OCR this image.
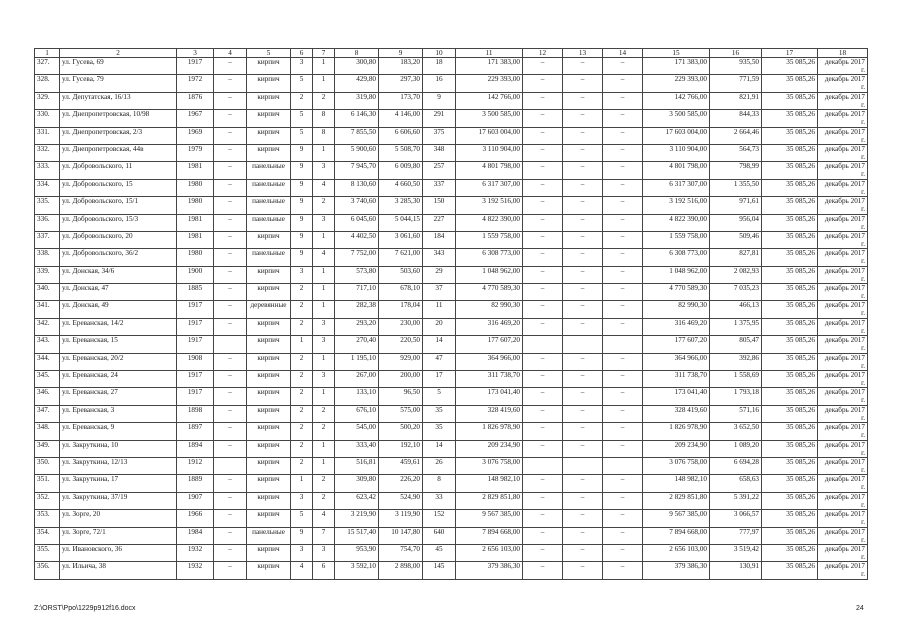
1	2	3	4	5	6	7	8	9	10	11	12	13	14	15	16	17	18
327.	ул. Гусева, 69	1917	–	кирпич	3	1	300,80	183,20	18	171 383,00	–	–	–	171 383,00	935,50	35 085,26	декабрь 2017 г.
328.	ул. Гусева, 79	1972	–	кирпич	5	1	429,80	297,30	16	229 393,00	–	–	–	229 393,00	771,59	35 085,26	декабрь 2017 г.
329.	ул. Депутатская, 16/13	1876	–	кирпич	2	2	319,80	173,70	9	142 766,00	–	–	–	142 766,00	821,91	35 085,26	декабрь 2017 г.
330.	ул. Днепропетровская, 10/98	1967	–	кирпич	5	8	6 146,30	4 146,00	291	3 500 585,00	–	–	–	3 500 585,00	844,33	35 085,26	декабрь 2017 г.
331.	ул. Днепропетровская, 2/3	1969	–	кирпич	5	8	7 855,50	6 606,60	375	17 603 004,00	–	–	–	17 603 004,00	2 664,46	35 085,26	декабрь 2017 г.
332.	ул. Днепропетровская, 44в	1979	–	кирпич	9	1	5 900,60	5 508,70	348	3 110 904,00	–	–	–	3 110 904,00	564,73	35 085,26	декабрь 2017 г.
333.	ул. Добровольского, 11	1981	–	панельные	9	3	7 945,70	6 009,80	257	4 801 798,00	–	–	–	4 801 798,00	798,99	35 085,26	декабрь 2017 г.
334.	ул. Добровольского, 15	1980	–	панельные	9	4	8 130,60	4 660,50	337	6 317 307,00	–	–	–	6 317 307,00	1 355,50	35 085,26	декабрь 2017 г.
335.	ул. Добровольского, 15/1	1980	–	панельные	9	2	3 740,60	3 285,30	150	3 192 516,00	–	–	–	3 192 516,00	971,61	35 085,26	декабрь 2017 г.
336.	ул. Добровольского, 15/3	1981	–	панельные	9	3	6 045,60	5 044,15	227	4 822 390,00	–	–	–	4 822 390,00	956,04	35 085,26	декабрь 2017 г.
337.	ул. Добровольского, 20	1981	–	кирпич	9	1	4 402,50	3 061,60	184	1 559 758,00	–	–	–	1 559 758,00	509,46	35 085,26	декабрь 2017 г.
338.	ул. Добровольского, 36/2	1980	–	панельные	9	4	7 752,00	7 621,00	343	6 308 773,00	–	–	–	6 308 773,00	827,81	35 085,26	декабрь 2017 г.
339.	ул. Донская, 34/6	1900	–	кирпич	3	1	573,80	503,60	29	1 048 962,00	–	–	–	1 048 962,00	2 082,93	35 085,26	декабрь 2017 г.
340.	ул. Донская, 47	1885	–	кирпич	2	1	717,10	678,10	37	4 770 589,30	–	–	–	4 770 589,30	7 035,23	35 085,26	декабрь 2017 г.
341.	ул. Донская, 49	1917	–	деревянные	2	1	282,38	178,04	11	82 990,30	–	–	–	82 990,30	466,13	35 085,26	декабрь 2017 г.
342.	ул. Ереванская, 14/2	1917	–	кирпич	2	3	293,20	230,00	20	316 469,20	–	–	–	316 469,20	1 375,95	35 085,26	декабрь 2017 г.
343.	ул. Ереванская, 15	1917		кирпич	1	3	270,40	220,50	14	177 607,20				177 607,20	805,47	35 085,26	декабрь 2017 г.
344.	ул. Ереванская, 20/2	1908	–	кирпич	2	1	1 195,10	929,00	47	364 966,00	–	–	–	364 966,00	392,86	35 085,26	декабрь 2017 г.
345.	ул. Ереванская, 24	1917	–	кирпич	2	3	267,00	200,00	17	311 738,70	–	–	–	311 738,70	1 558,69	35 085,26	декабрь 2017 г.
346.	ул. Ереванская, 27	1917	–	кирпич	2	1	133,10	96,50	5	173 041,40	–	–	–	173 041,40	1 793,18	35 085,26	декабрь 2017 г.
347.	ул. Ереванская, 3	1898	–	кирпич	2	2	676,10	575,00	35	328 419,60	–	–	–	328 419,60	571,16	35 085,26	декабрь 2017 г.
348.	ул. Ереванская, 9	1897	–	кирпич	2	2	545,00	500,20	35	1 826 978,90	–	–	–	1 826 978,90	3 652,50	35 085,26	декабрь 2017 г.
349.	ул. Закруткина, 10	1894	–	кирпич	2	1	333,40	192,10	14	209 234,90	–	–	–	209 234,90	1 089,20	35 085,26	декабрь 2017 г.
350.	ул. Закруткина, 12/13	1912		кирпич	2	1	516,81	459,61	26	3 076 758,00				3 076 758,00	6 694,28	35 085,26	декабрь 2017 г.
351.	ул. Закруткина, 17	1889	–	кирпич	1	2	309,80	226,20	8	148 982,10	–	–	–	148 982,10	658,63	35 085,26	декабрь 2017 г.
352.	ул. Закруткина, 37/19	1907	–	кирпич	3	2	623,42	524,90	33	2 829 851,80	–	–	–	2 829 851,80	5 391,22	35 085,26	декабрь 2017 г.
353.	ул. Зорге, 20	1966	–	кирпич	5	4	3 219,90	3 119,90	152	9 567 385,00	–	–	–	9 567 385,00	3 066,57	35 085,26	декабрь 2017 г.
354.	ул. Зорге, 72/1	1984	–	панельные	9	7	15 517,40	10 147,80	640	7 894 668,00	–	–	–	7 894 668,00	777,97	35 085,26	декабрь 2017 г.
355.	ул. Ивановского, 36	1932	–	кирпич	3	3	953,90	754,70	45	2 656 103,00	–	–	–	2 656 103,00	3 519,42	35 085,26	декабрь 2017 г.
356.	ул. Ильича, 38	1932	–	кирпич	4	6	3 592,10	2 898,00	145	379 386,30	–	–	–	379 386,30	130,91	35 085,26	декабрь 2017 г.
Z:\ORST\Ppo\1229p912f16.docx	24
